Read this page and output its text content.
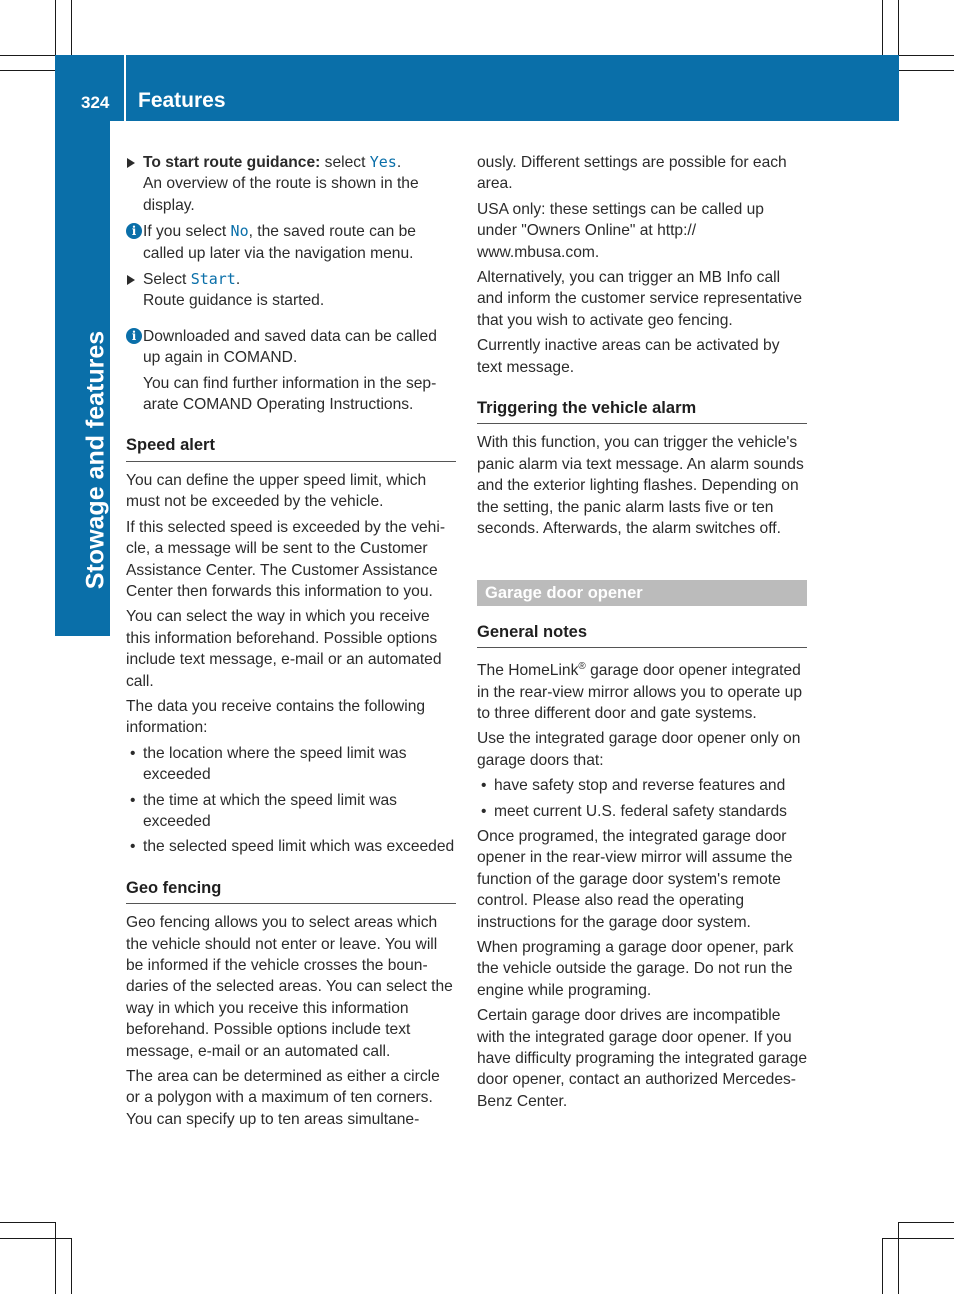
324 Features
Stowage and features
To start route guidance: select Yes.
An overview of the route is shown in the display.
i If you select No, the saved route can be called up later via the navigation menu.
Select Start.
Route guidance is started.
i Downloaded and saved data can be called up again in COMAND.

You can find further information in the separate COMAND Operating Instructions.

Speed alert

You can define the upper speed limit, which must not be exceeded by the vehicle.

If this selected speed is exceeded by the vehicle, a message will be sent to the Customer Assistance Center. The Customer Assistance Center then forwards this information to you.

You can select the way in which you receive this information beforehand. Possible options include text message, e-mail or an automated call.

The data you receive contains the following information:

• the location where the speed limit was exceeded
• the time at which the speed limit was exceeded
• the selected speed limit which was exceeded
Geo fencing

Geo fencing allows you to select areas which the vehicle should not enter or leave. You will be informed if the vehicle crosses the boundaries of the selected areas. You can select the way in which you receive this information beforehand. Possible options include text message, e-mail or an automated call.

The area can be determined as either a circle or a polygon with a maximum of ten corners. You can specify up to ten areas simultane-

ously. Different settings are possible for each area.

USA only: these settings can be called up under "Owners Online" at http:// www.mbusa.com.

Alternatively, you can trigger an MB Info call and inform the customer service representative that you wish to activate geo fencing.

Currently inactive areas can be activated by text message.

Triggering the vehicle alarm

With this function, you can trigger the vehicle's panic alarm via text message. An alarm sounds and the exterior lighting flashes. Depending on the setting, the panic alarm lasts five or ten seconds. Afterwards, the alarm switches off.

Garage door opener
General notes

The HomeLink® garage door opener integrated in the rear-view mirror allows you to operate up to three different door and gate systems.

Use the integrated garage door opener only on garage doors that:

• have safety stop and reverse features and
• meet current U.S. federal safety standards

Once programed, the integrated garage door opener in the rear-view mirror will assume the function of the garage door system's remote control. Please also read the operating instructions for the garage door system.

When programing a garage door opener, park the vehicle outside the garage. Do not run the engine while programing.

Certain garage door drives are incompatible with the integrated garage door opener. If you have difficulty programing the integrated garage door opener, contact an authorized Mercedes-Benz Center.
